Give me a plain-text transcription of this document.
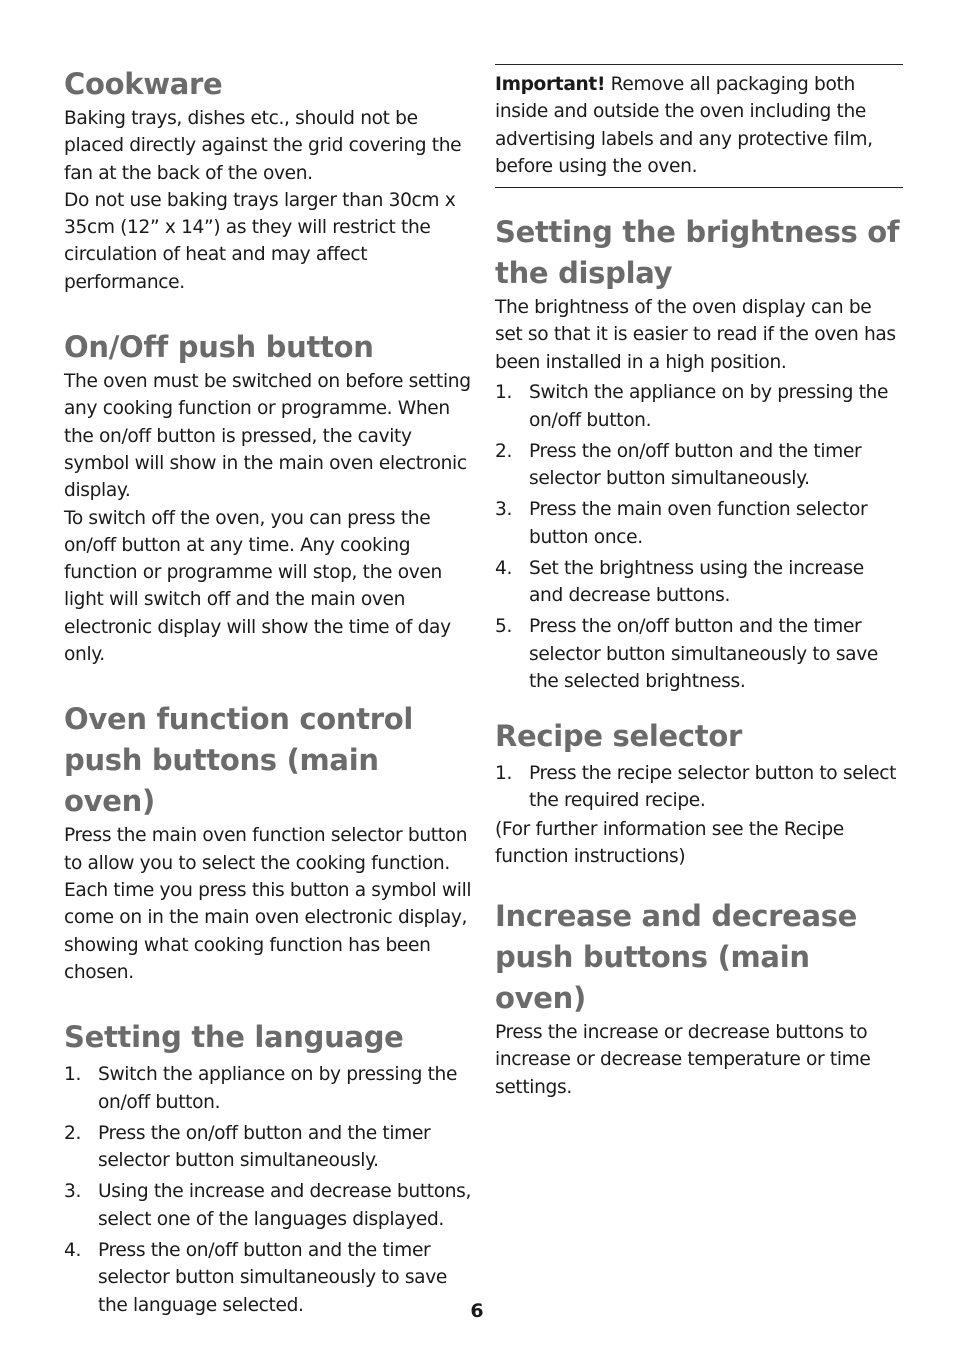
Cookware

Baking trays, dishes etc., should not be placed directly against the grid covering the fan at the back of the oven.

Do not use baking trays larger than 30cm x 35cm (12” x 14”) as they will restrict the circulation of heat and may affect performance.

On/Off push button

The oven must be switched on before setting any cooking function or programme. When the on/off button is pressed, the cavity symbol will show in the main oven electronic display.

To switch off the oven, you can press the on/off button at any time. Any cooking function or programme will stop, the oven light will switch off and the main oven electronic display will show the time of day only.

Oven function control push buttons (main oven)

Press the main oven function selector button to allow you to select the cooking function. Each time you press this button a symbol will come on in the main oven electronic display, showing what cooking function has been chosen.

Setting the language
1. Switch the appliance on by pressing the on/off button.
2. Press the on/off button and the timer selector button simultaneously.
3. Using the increase and decrease buttons, select one of the languages displayed.
4. Press the on/off button and the timer selector button simultaneously to save the language selected.

Important! Remove all packaging both inside and outside the oven including the advertising labels and any protective film, before using the oven.

Setting the brightness of the display

The brightness of the oven display can be set so that it is easier to read if the oven has been installed in a high position.

1. Switch the appliance on by pressing the on/off button.
2. Press the on/off button and the timer selector button simultaneously.
3. Press the main oven function selector button once.
4. Set the brightness using the increase and decrease buttons.
5. Press the on/off button and the timer selector button simultaneously to save the selected brightness.
Recipe selector
1. Press the recipe selector button to select the required recipe.

(For further information see the Recipe function instructions)

Increase and decrease push buttons (main oven)

Press the increase or decrease buttons to increase or decrease temperature or time settings.

6
